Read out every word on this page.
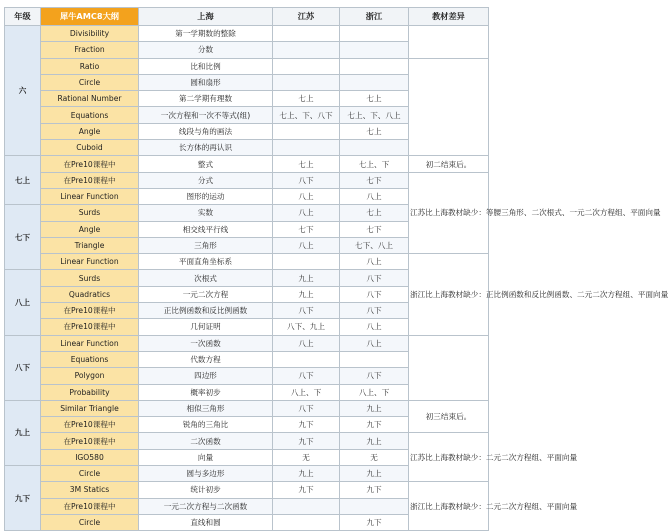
年级	犀牛AMC8大纲	上海	江苏	浙江	教材差异
六	Divisibility	第一学期数的整除			
	Fraction	分数			
	Ratio	比和比例			
	Circle	圆和扇形			
	Rational Number	第二学期有理数	七上	七上	
	Equations	一次方程和一次不等式(组)	七上、下、八下	七上、下、八上	
	Angle	线段与角的画法		七上	
	Cuboid	长方体的再认识			
七上	在Pre10课程中	整式	七上	七上、下	初二结束后。
	在Pre10课程中	分式	八下	七下	江苏比上海教材缺少：等腰三角形、二次根式、一元二次方程组、平面向量
	Linear Function	图形的运动	八上	八上	
七下	Surds	实数	八上	七上	
	Angle	相交线平行线	七下	七下	
	Triangle	三角形	八上	七下、八上	
	Linear Function	平面直角坐标系		八上	浙江比上海教材缺少：正比例函数和反比例函数、二元二次方程组、平面向量
八上	Surds	次根式	九上	八下	
	Quadratics	一元二次方程	九上	八下	
	在Pre10课程中	正比例函数和反比例函数	八下	八下	
	在Pre10课程中	几何证明	八下、九上	八上	
八下	Linear Function	一次函数	八上	八上	
	Equations	代数方程			
	Polygon	四边形	八下	八下	
	Probability	概率初步	八上、下	八上、下	
九上	Similar Triangle	相似三角形	八下	九上	初三结束后。
	在Pre10课程中	锐角的三角比	九下	九下	
	在Pre10课程中	二次函数	九下	九上	江苏比上海教材缺少：二元二次方程组、平面向量
	IGO580	向量	无	无	
九下	Circle	圆与多边形	九上	九上	
	3M Statics	统计初步	九下	九下	浙江比上海教材缺少：二元二次方程组、平面向量
	在Pre10课程中	一元二次方程与二次函数			
	Circle	直线和圆		九下	
